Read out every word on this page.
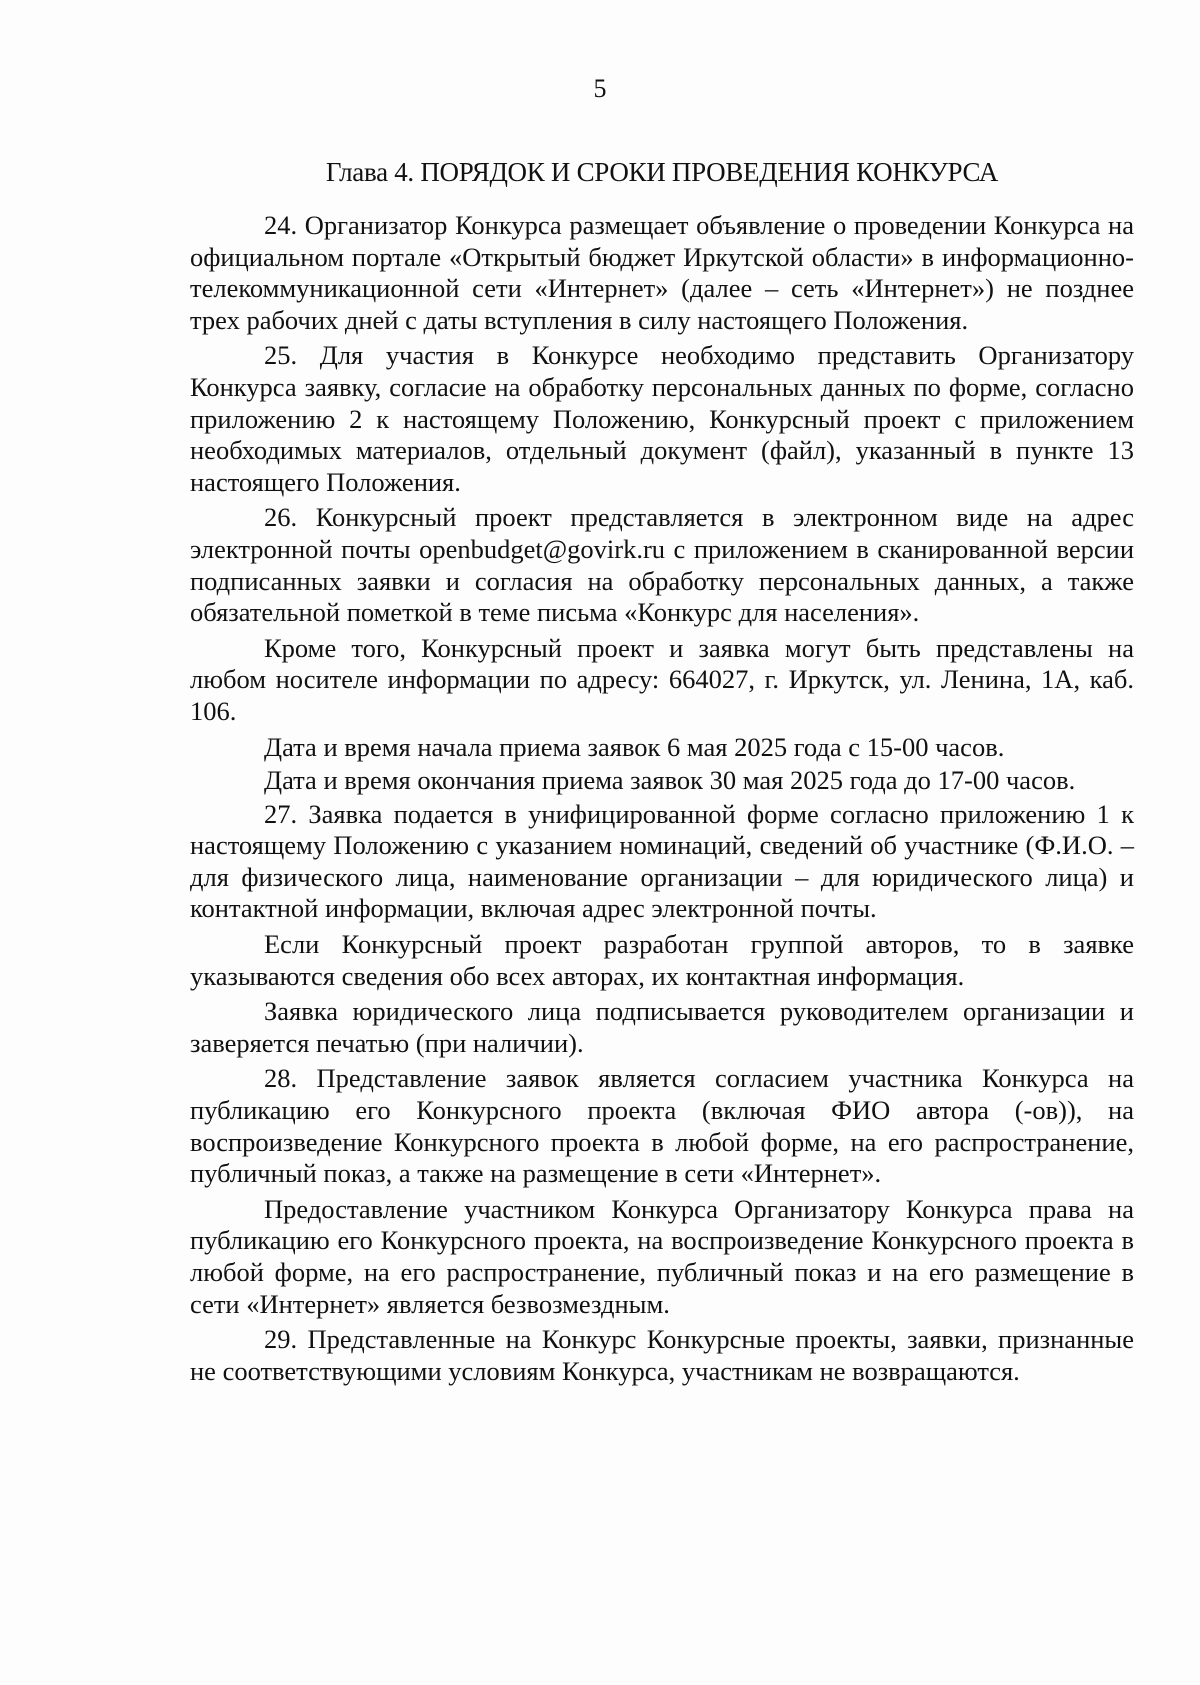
5
Глава 4. ПОРЯДОК И СРОКИ ПРОВЕДЕНИЯ КОНКУРСА

24. Организатор Конкурса размещает объявление о проведении Конкурса на официальном портале «Открытый бюджет Иркутской области» в информационно-телекоммуникационной сети «Интернет» (далее – сеть «Интернет») не позднее трех рабочих дней с даты вступления в силу настоящего Положения.

25. Для участия в Конкурсе необходимо представить Организатору Конкурса заявку, согласие на обработку персональных данных по форме, согласно приложению 2 к настоящему Положению, Конкурсный проект с приложением необходимых материалов, отдельный документ (файл), указанный в пункте 13 настоящего Положения.

26. Конкурсный проект представляется в электронном виде на адрес электронной почты openbudget@govirk.ru с приложением в сканированной версии подписанных заявки и согласия на обработку персональных данных, а также обязательной пометкой в теме письма «Конкурс для населения».

Кроме того, Конкурсный проект и заявка могут быть представлены на любом носителе информации по адресу: 664027, г. Иркутск, ул. Ленина, 1А, каб. 106.

Дата и время начала приема заявок 6 мая 2025 года с 15-00 часов.

Дата и время окончания приема заявок 30 мая 2025 года до 17-00 часов.

27. Заявка подается в унифицированной форме согласно приложению 1 к настоящему Положению с указанием номинаций, сведений об участнике (Ф.И.О. – для физического лица, наименование организации – для юридического лица) и контактной информации, включая адрес электронной почты.

Если Конкурсный проект разработан группой авторов, то в заявке указываются сведения обо всех авторах, их контактная информация.

Заявка юридического лица подписывается руководителем организации и заверяется печатью (при наличии).

28. Представление заявок является согласием участника Конкурса на публикацию его Конкурсного проекта (включая ФИО автора (-ов)), на воспроизведение Конкурсного проекта в любой форме, на его распространение, публичный показ, а также на размещение в сети «Интернет».

Предоставление участником Конкурса Организатору Конкурса права на публикацию его Конкурсного проекта, на воспроизведение Конкурсного проекта в любой форме, на его распространение, публичный показ и на его размещение в сети «Интернет» является безвозмездным.

29. Представленные на Конкурс Конкурсные проекты, заявки, признанные не соответствующими условиям Конкурса, участникам не возвращаются.
